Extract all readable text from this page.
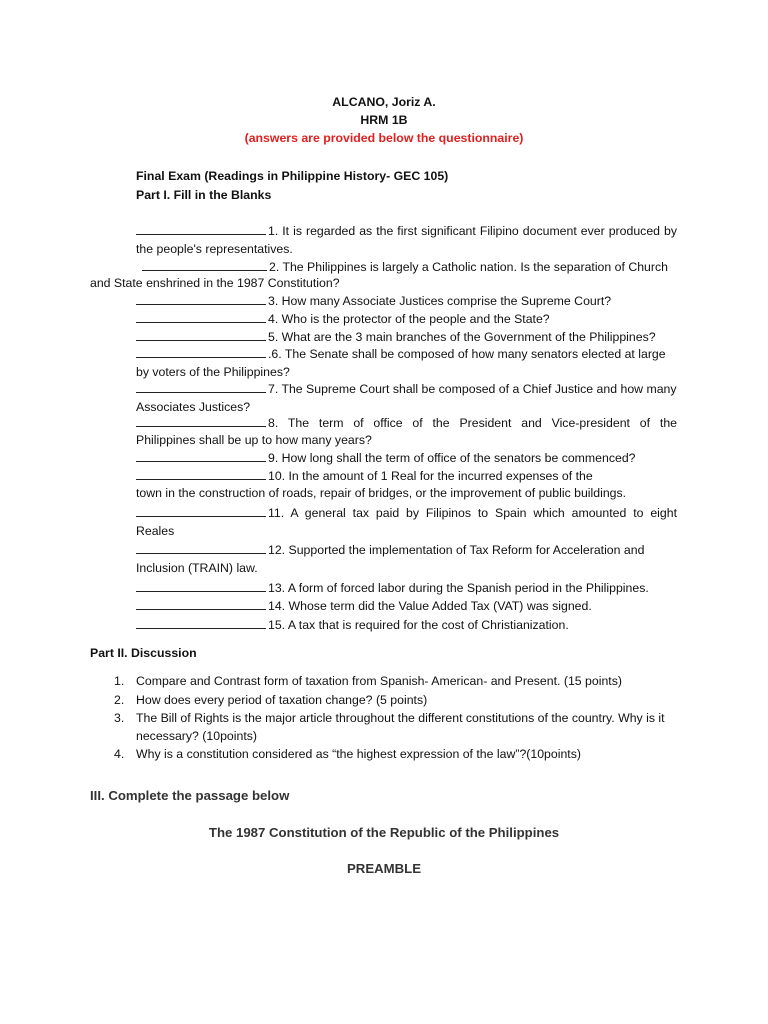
ALCANO, Joriz A.
HRM 1B
(answers are provided below the questionnaire)
Final Exam (Readings in Philippine History- GEC 105)
Part I. Fill in the Blanks
1. It is regarded as the first significant Filipino document ever produced by the people's representatives.
2. The Philippines is largely a Catholic nation. Is the separation of Church
and State enshrined in the 1987 Constitution?
3. How many Associate Justices comprise the Supreme Court?
4. Who is the protector of the people and the State?
5. What are the 3 main branches of the Government of the Philippines?
.6. The Senate shall be composed of how many senators elected at large
by voters of the Philippines?
7. The Supreme Court shall be composed of a Chief Justice and how many
Associates Justices?
8. The term of office of the President and Vice-president of the
Philippines shall be up to how many years?
9. How long shall the term of office of the senators be commenced?
10. In the amount of 1 Real for the incurred expenses of the
town in the construction of roads, repair of bridges, or the improvement of public buildings.
11. A general tax paid by Filipinos to Spain which amounted to eight
Reales
12. Supported the implementation of Tax Reform for Acceleration and
Inclusion (TRAIN) law.
13. A form of forced labor during the Spanish period in the Philippines.
14. Whose term did the Value Added Tax (VAT) was signed.
15. A tax that is required for the cost of Christianization.
Part II. Discussion
1. Compare and Contrast form of taxation from Spanish- American- and Present. (15 points)
2. How does every period of taxation change? (5 points)
3. The Bill of Rights is the major article throughout the different constitutions of the country. Why is it necessary? (10points)
4. Why is a constitution considered as “the highest expression of the law”?(10points)
III. Complete the passage below
The 1987 Constitution of the Republic of the Philippines
PREAMBLE
